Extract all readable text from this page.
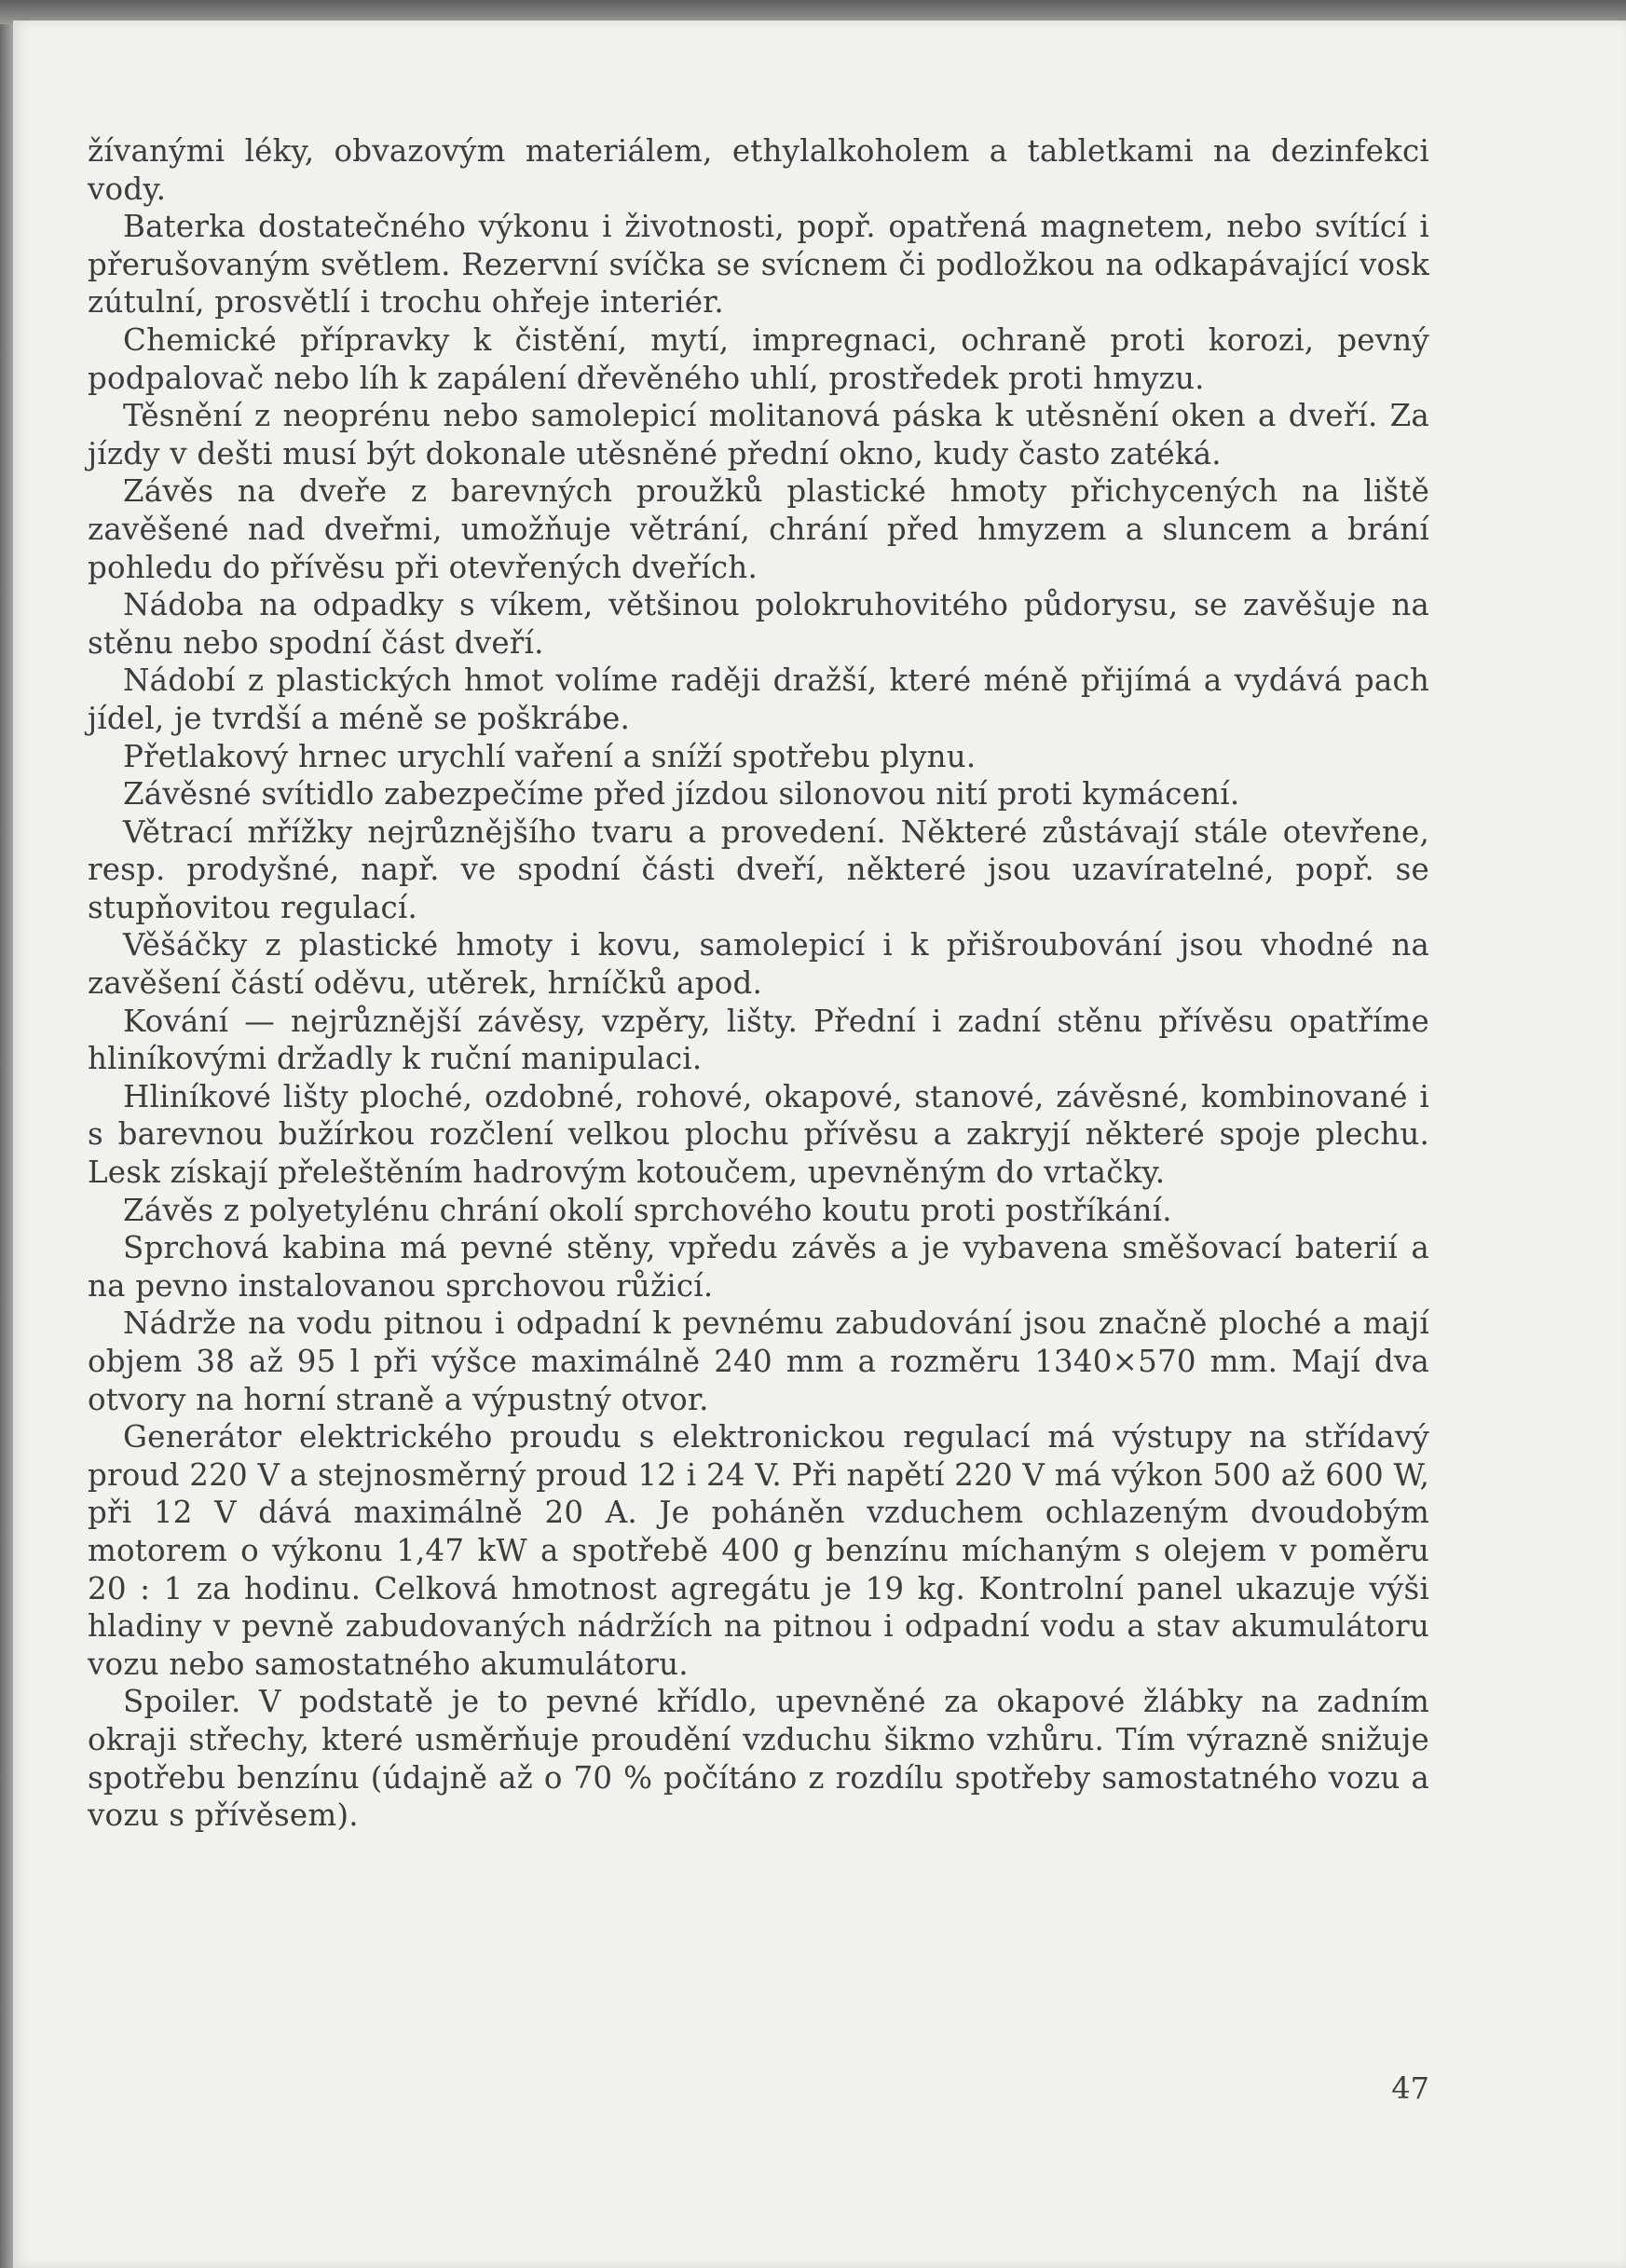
žívanými léky, obvazovým materiálem, ethylalkoholem a tabletkami na dezinfekci vody.

Baterka dostatečného výkonu i životnosti, popř. opatřená magnetem, nebo svítící i přerušovaným světlem. Rezervní svíčka se svícnem či podložkou na odkapávající vosk zútulní, prosvětlí i trochu ohřeje interiér.

Chemické přípravky k čistění, mytí, impregnaci, ochraně proti korozi, pevný podpalovač nebo líh k zapálení dřevěného uhlí, prostředek proti hmyzu.

Těsnění z neoprénu nebo samolepicí molitanová páska k utěsnění oken a dveří. Za jízdy v dešti musí být dokonale utěsněné přední okno, kudy často zatéká.

Závěs na dveře z barevných proužků plastické hmoty přichycených na liště zavěšené nad dveřmi, umožňuje větrání, chrání před hmyzem a sluncem a brání pohledu do přívěsu při otevřených dveřích.

Nádoba na odpadky s víkem, většinou polokruhovitého půdorysu, se zavěšuje na stěnu nebo spodní část dveří.

Nádobí z plastických hmot volíme raději dražší, které méně přijímá a vydává pach jídel, je tvrdší a méně se poškrábe.

Přetlakový hrnec urychlí vaření a sníží spotřebu plynu.

Závěsné svítidlo zabezpečíme před jízdou silonovou nití proti kymácení.

Větrací mřížky nejrůznějšího tvaru a provedení. Některé zůstávají stále otevřene, resp. prodyšné, např. ve spodní části dveří, některé jsou uzavíratelné, popř. se stupňovitou regulací.

Věšáčky z plastické hmoty i kovu, samolepicí i k přišroubování jsou vhodné na zavěšení částí oděvu, utěrek, hrníčků apod.

Kování — nejrůznější závěsy, vzpěry, lišty. Přední i zadní stěnu přívěsu opatříme hliníkovými držadly k ruční manipulaci.

Hliníkové lišty ploché, ozdobné, rohové, okapové, stanové, závěsné, kombinované i s barevnou bužírkou rozčlení velkou plochu přívěsu a zakryjí některé spoje plechu. Lesk získají přeleštěním hadrovým kotoučem, upevněným do vrtačky.

Závěs z polyetylénu chrání okolí sprchového koutu proti postříkání.

Sprchová kabina má pevné stěny, vpředu závěs a je vybavena směšovací baterií a na pevno instalovanou sprchovou růžicí.

Nádrže na vodu pitnou i odpadní k pevnému zabudování jsou značně ploché a mají objem 38 až 95 l při výšce maximálně 240 mm a rozměru 1340×570 mm. Mají dva otvory na horní straně a výpustný otvor.

Generátor elektrického proudu s elektronickou regulací má výstupy na střídavý proud 220 V a stejnosměrný proud 12 i 24 V. Při napětí 220 V má výkon 500 až 600 W, při 12 V dává maximálně 20 A. Je poháněn vzduchem ochlazeným dvoudobým motorem o výkonu 1,47 kW a spotřebě 400 g benzínu míchaným s olejem v poměru 20 : 1 za hodinu. Celková hmotnost agregátu je 19 kg. Kontrolní panel ukazuje výši hladiny v pevně zabudovaných nádržích na pitnou i odpadní vodu a stav akumulátoru vozu nebo samostatného akumulátoru.

Spoiler. V podstatě je to pevné křídlo, upevněné za okapové žlábky na zadním okraji střechy, které usměrňuje proudění vzduchu šikmo vzhůru. Tím výrazně snižuje spotřebu benzínu (údajně až o 70 % počítáno z rozdílu spotřeby samostatného vozu a vozu s přívěsem).

47
